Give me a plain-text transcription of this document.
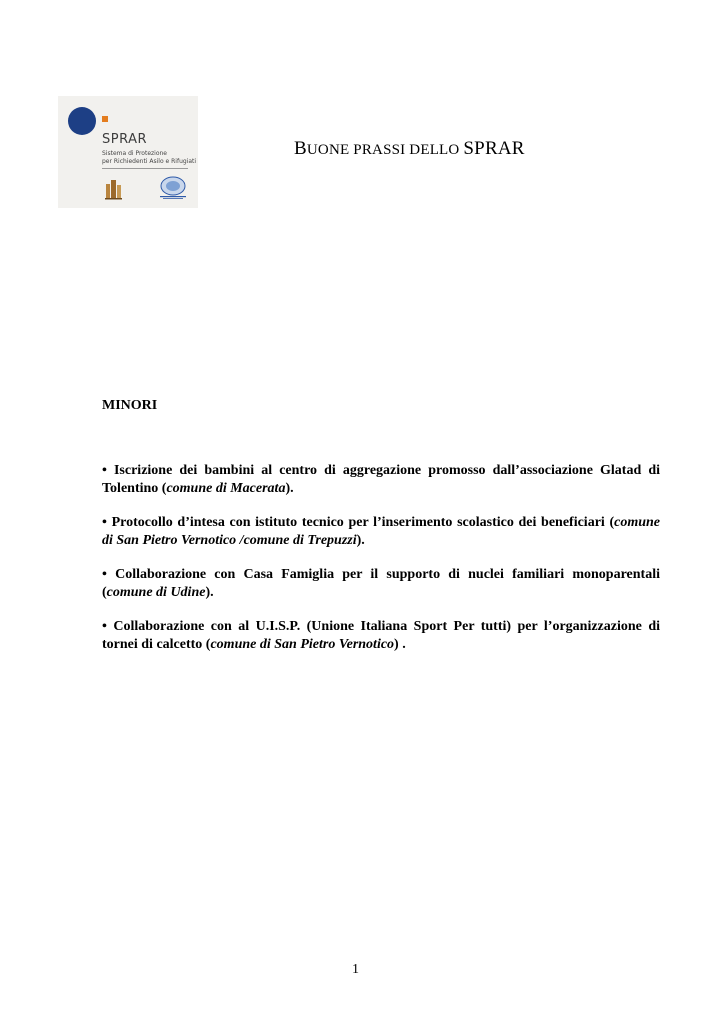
SPRAR
Sistema di Protezione
per Richiedenti Asilo e Rifugiati
BUONE PRASSI DELLO SPRAR
MINORI
• Iscrizione dei bambini al centro di aggregazione promosso dall’associazione Glatad di Tolentino (comune di Macerata).
• Protocollo d’intesa con istituto tecnico per l’inserimento scolastico dei beneficiari (comune di San Pietro Vernotico /comune di Trepuzzi).
• Collaborazione con Casa Famiglia per il supporto di nuclei familiari monoparentali (comune di Udine).
• Collaborazione con al U.I.S.P. (Unione Italiana Sport Per tutti) per l’organizzazione di tornei di calcetto (comune di San Pietro Vernotico) .
1
